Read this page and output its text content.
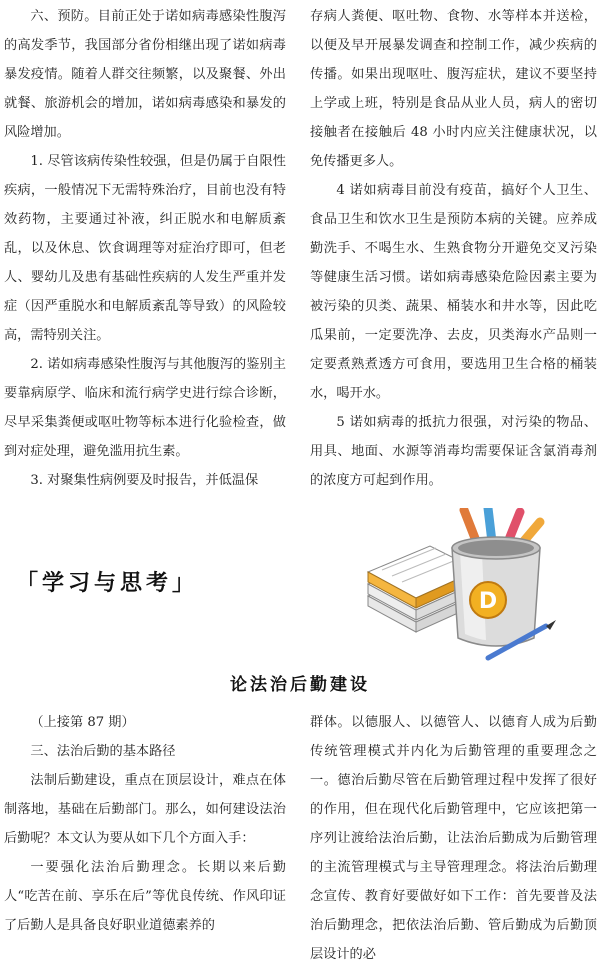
六、预防。目前正处于诺如病毒感染性腹泻的高发季节，我国部分省份相继出现了诺如病毒暴发疫情。随着人群交往频繁，以及聚餐、外出就餐、旅游机会的增加，诺如病毒感染和暴发的风险增加。

1. 尽管该病传染性较强，但是仍属于自限性疾病，一般情况下无需特殊治疗，目前也没有特效药物，主要通过补液，纠正脱水和电解质紊乱，以及休息、饮食调理等对症治疗即可，但老人、婴幼儿及患有基础性疾病的人发生严重并发症（因严重脱水和电解质紊乱等导致）的风险较高，需特别关注。

2. 诺如病毒感染性腹泻与其他腹泻的鉴别主要靠病原学、临床和流行病学史进行综合诊断，尽早采集粪便或呕吐物等标本进行化验检查，做到对症处理，避免滥用抗生素。

3. 对聚集性病例要及时报告，并低温保

存病人粪便、呕吐物、食物、水等样本并送检，以便及早开展暴发调查和控制工作，减少疾病的传播。如果出现呕吐、腹泻症状，建议不要坚持上学或上班，特别是食品从业人员，病人的密切接触者在接触后 48 小时内应关注健康状况，以免传播更多人。

4 诺如病毒目前没有疫苗，搞好个人卫生、食品卫生和饮水卫生是预防本病的关键。应养成勤洗手、不喝生水、生熟食物分开避免交叉污染等健康生活习惯。诺如病毒感染危险因素主要为被污染的贝类、蔬果、桶装水和井水等，因此吃瓜果前，一定要洗净、去皮，贝类海水产品则一定要煮熟煮透方可食用，要选用卫生合格的桶装水，喝开水。

5 诺如病毒的抵抗力很强，对污染的物品、用具、地面、水源等消毒均需要保证含氯消毒剂的浓度方可起到作用。

「学习与思考」
D
论法治后勤建设

（上接第 87 期）

三、法治后勤的基本路径

法制后勤建设，重点在顶层设计，难点在体制落地，基础在后勤部门。那么，如何建设法治后勤呢？本文认为要从如下几个方面入手：

一要强化法治后勤理念。长期以来后勤人“吃苦在前、享乐在后”等优良传统、作风印证了后勤人是具备良好职业道德素养的

群体。以德服人、以德管人、以德育人成为后勤传统管理模式并内化为后勤管理的重要理念之一。德治后勤尽管在后勤管理过程中发挥了很好的作用，但在现代化后勤管理中，它应该把第一序列让渡给法治后勤，让法治后勤成为后勤管理的主流管理模式与主导管理理念。将法治后勤理念宣传、教育好要做好如下工作：首先要普及法治后勤理念，把依法治后勤、管后勤成为后勤顶层设计的必
